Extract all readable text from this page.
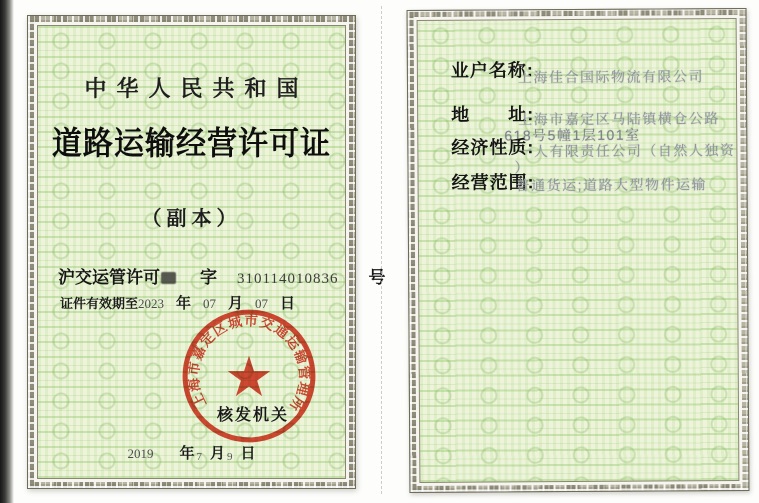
中华人民共和国
道路运输经营许可证
（副本）
沪交运管许可 字 310114010836 号
证件有效期至2023 年 07 月 07 日
上海市嘉定区城市交通运输管理所
核发机关
2019 年 7 月 9 日
业户名称:
上海佳合国际物流有限公司
地　　址:
上海市嘉定区马陆镇横仓公路
618号5幢1层101室
经济性质:
一人有限责任公司（自然人独资
）
经营范围:
普通货运;道路大型物件运输
